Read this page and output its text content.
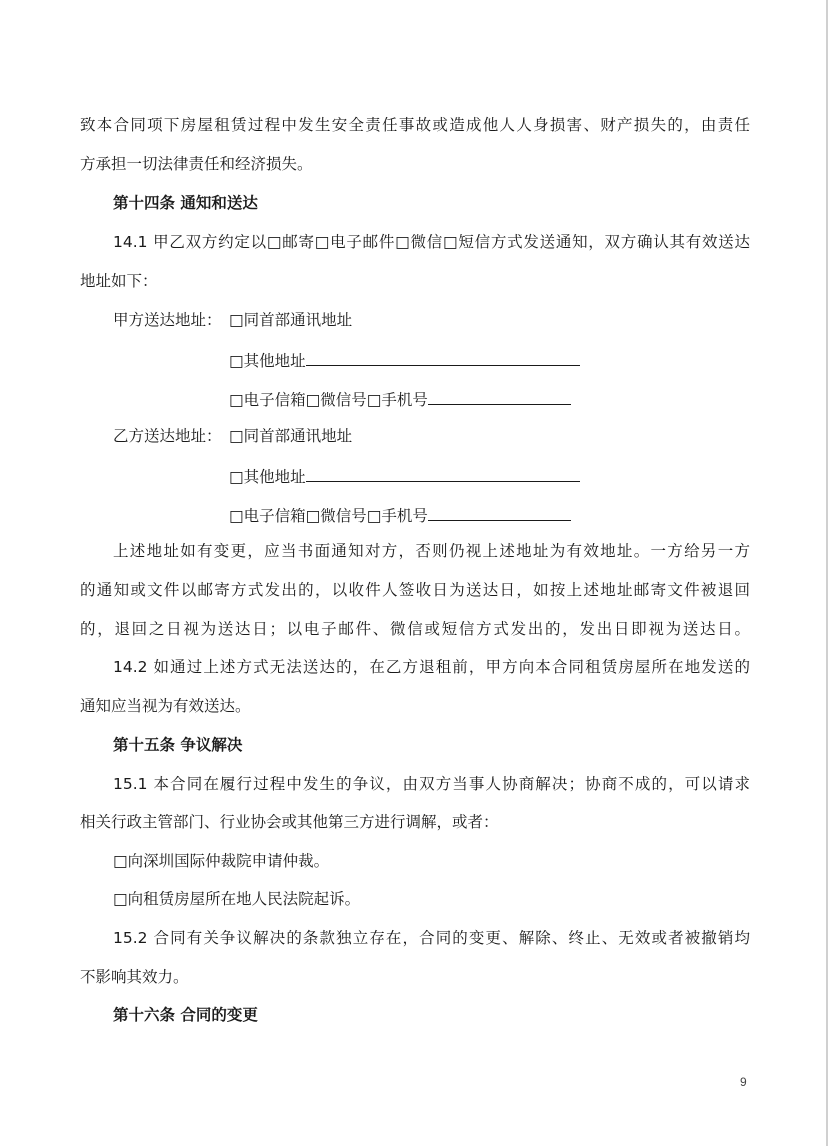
致本合同项下房屋租赁过程中发生安全责任事故或造成他人人身损害、财产损失的，由责任
方承担一切法律责任和经济损失。
第十四条 通知和送达
14.1 甲乙双方约定以□邮寄□电子邮件□微信□短信方式发送通知，双方确认其有效送达
地址如下：
甲方送达地址： □同首部通讯地址
□其他地址
□电子信箱□微信号□手机号
乙方送达地址： □同首部通讯地址
□其他地址
□电子信箱□微信号□手机号
上述地址如有变更，应当书面通知对方，否则仍视上述地址为有效地址。一方给另一方
的通知或文件以邮寄方式发出的，以收件人签收日为送达日，如按上述地址邮寄文件被退回
的，退回之日视为送达日；以电子邮件、微信或短信方式发出的，发出日即视为送达日。
14.2 如通过上述方式无法送达的，在乙方退租前，甲方向本合同租赁房屋所在地发送的
通知应当视为有效送达。
第十五条 争议解决
15.1 本合同在履行过程中发生的争议，由双方当事人协商解决；协商不成的，可以请求
相关行政主管部门、行业协会或其他第三方进行调解，或者：
□向深圳国际仲裁院申请仲裁。
□向租赁房屋所在地人民法院起诉。
15.2 合同有关争议解决的条款独立存在，合同的变更、解除、终止、无效或者被撤销均
不影响其效力。
第十六条 合同的变更
9
